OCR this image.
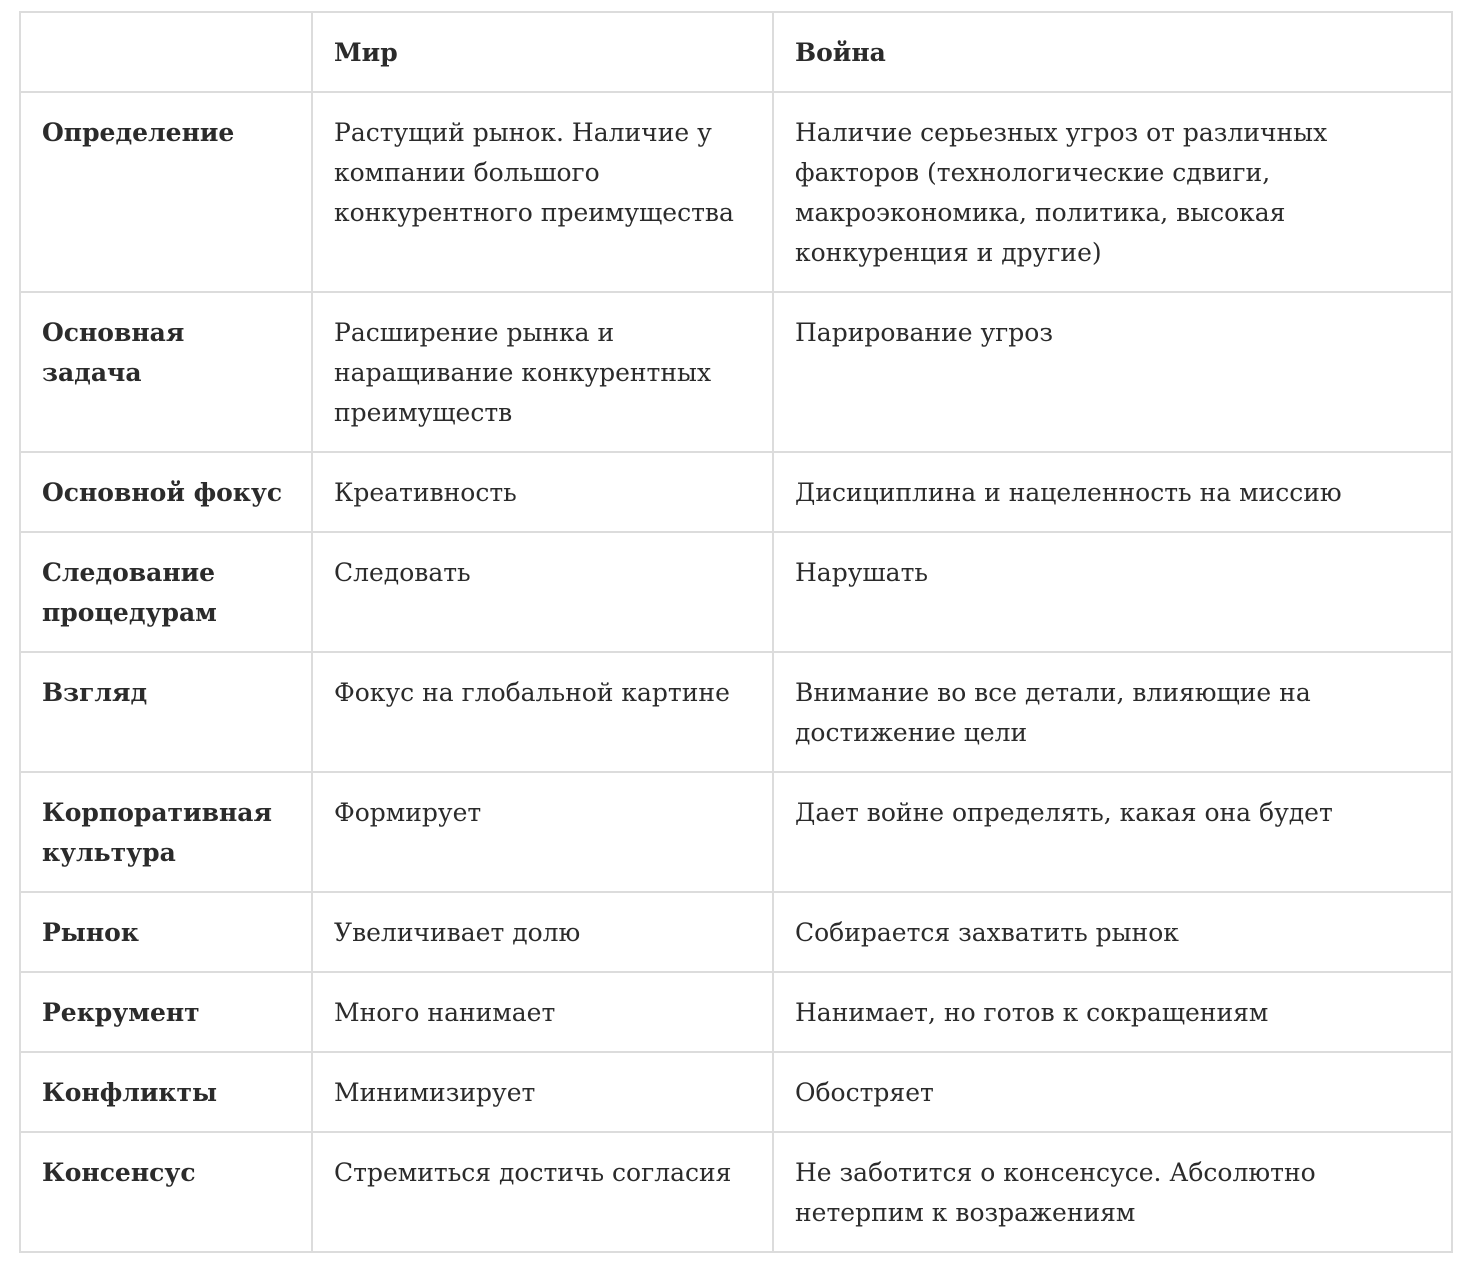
	Мир	Война
Определение	Растущий рынок. Наличие у компании большого конкурентного преимущества	Наличие серьезных угроз от различных факторов (технологические сдвиги, макроэкономика, политика, высокая конкуренция и другие)
Основная задача	Расширение рынка и наращивание конкурентных преимуществ	Парирование угроз
Основной фокус	Креативность	Дисициплина и нацеленность на миссию
Следование процедурам	Следовать	Нарушать
Взгляд	Фокус на глобальной картине	Внимание во все детали, влияющие на достижение цели
Корпоративная культура	Формирует	Дает войне определять, какая она будет
Рынок	Увеличивает долю	Собирается захватить рынок
Рекрумент	Много нанимает	Нанимает, но готов к сокращениям
Конфликты	Минимизирует	Обостряет
Консенсус	Стремиться достичь согласия	Не заботится о консенсусе. Абсолютно нетерпим к возражениям
